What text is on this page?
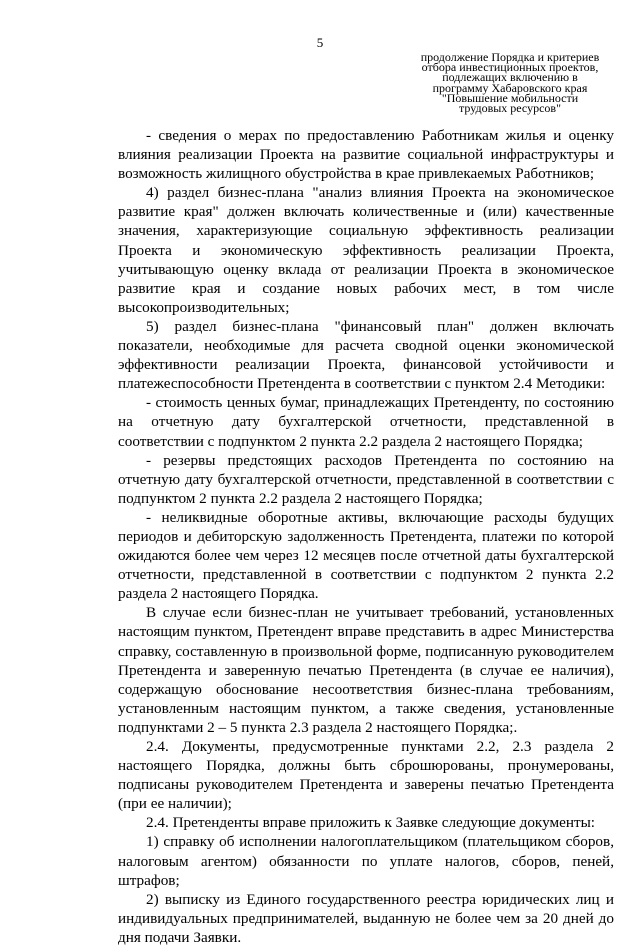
5
продолжение Порядка и критериев
отбора инвестиционных проектов,
подлежащих включению в
программу Хабаровского края
"Повышение мобильности
трудовых ресурсов"

- сведения о мерах по предоставлению Работникам жилья и оценку влияния реализации Проекта на развитие социальной инфраструктуры и возможность жилищного обустройства в крае привлекаемых Работников;

4) раздел бизнес-плана "анализ влияния Проекта на экономическое развитие края" должен включать количественные и (или) качественные значения, характеризующие социальную эффективность реализации Проекта и экономическую эффективность реализации Проекта, учитывающую оценку вклада от реализации Проекта в экономическое развитие края и создание новых рабочих мест, в том числе высокопроизводительных;

5) раздел бизнес-плана "финансовый план" должен включать показатели, необходимые для расчета сводной оценки экономической эффективности реализации Проекта, финансовой устойчивости и платежеспособности Претендента в соответствии с пунктом 2.4 Методики:

- стоимость ценных бумаг, принадлежащих Претенденту, по состоянию на отчетную дату бухгалтерской отчетности, представленной в соответствии с подпунктом 2 пункта 2.2 раздела 2 настоящего Порядка;

- резервы предстоящих расходов Претендента по состоянию на отчетную дату бухгалтерской отчетности, представленной в соответствии с подпунктом 2 пункта 2.2 раздела 2 настоящего Порядка;

- неликвидные оборотные активы, включающие расходы будущих периодов и дебиторскую задолженность Претендента, платежи по которой ожидаются более чем через 12 месяцев после отчетной даты бухгалтерской отчетности, представленной в соответствии с подпунктом 2 пункта 2.2 раздела 2 настоящего Порядка.

В случае если бизнес-план не учитывает требований, установленных настоящим пунктом, Претендент вправе представить в адрес Министерства справку, составленную в произвольной форме, подписанную руководителем Претендента и заверенную печатью Претендента (в случае ее наличия), содержащую обоснование несоответствия бизнес-плана требованиям, установленным настоящим пунктом, а также сведения, установленные подпунктами 2 – 5 пункта 2.3 раздела 2 настоящего Порядка;.

2.4. Документы, предусмотренные пунктами 2.2, 2.3 раздела 2 настоящего Порядка, должны быть сброшюрованы, пронумерованы, подписаны руководителем Претендента и заверены печатью Претендента (при ее наличии);

2.4. Претенденты вправе приложить к Заявке следующие документы:

1) справку об исполнении налогоплательщиком (плательщиком сборов, налоговым агентом) обязанности по уплате налогов, сборов, пеней, штрафов;

2) выписку из Единого государственного реестра юридических лиц и индивидуальных предпринимателей, выданную не более чем за 20 дней до дня подачи Заявки.
